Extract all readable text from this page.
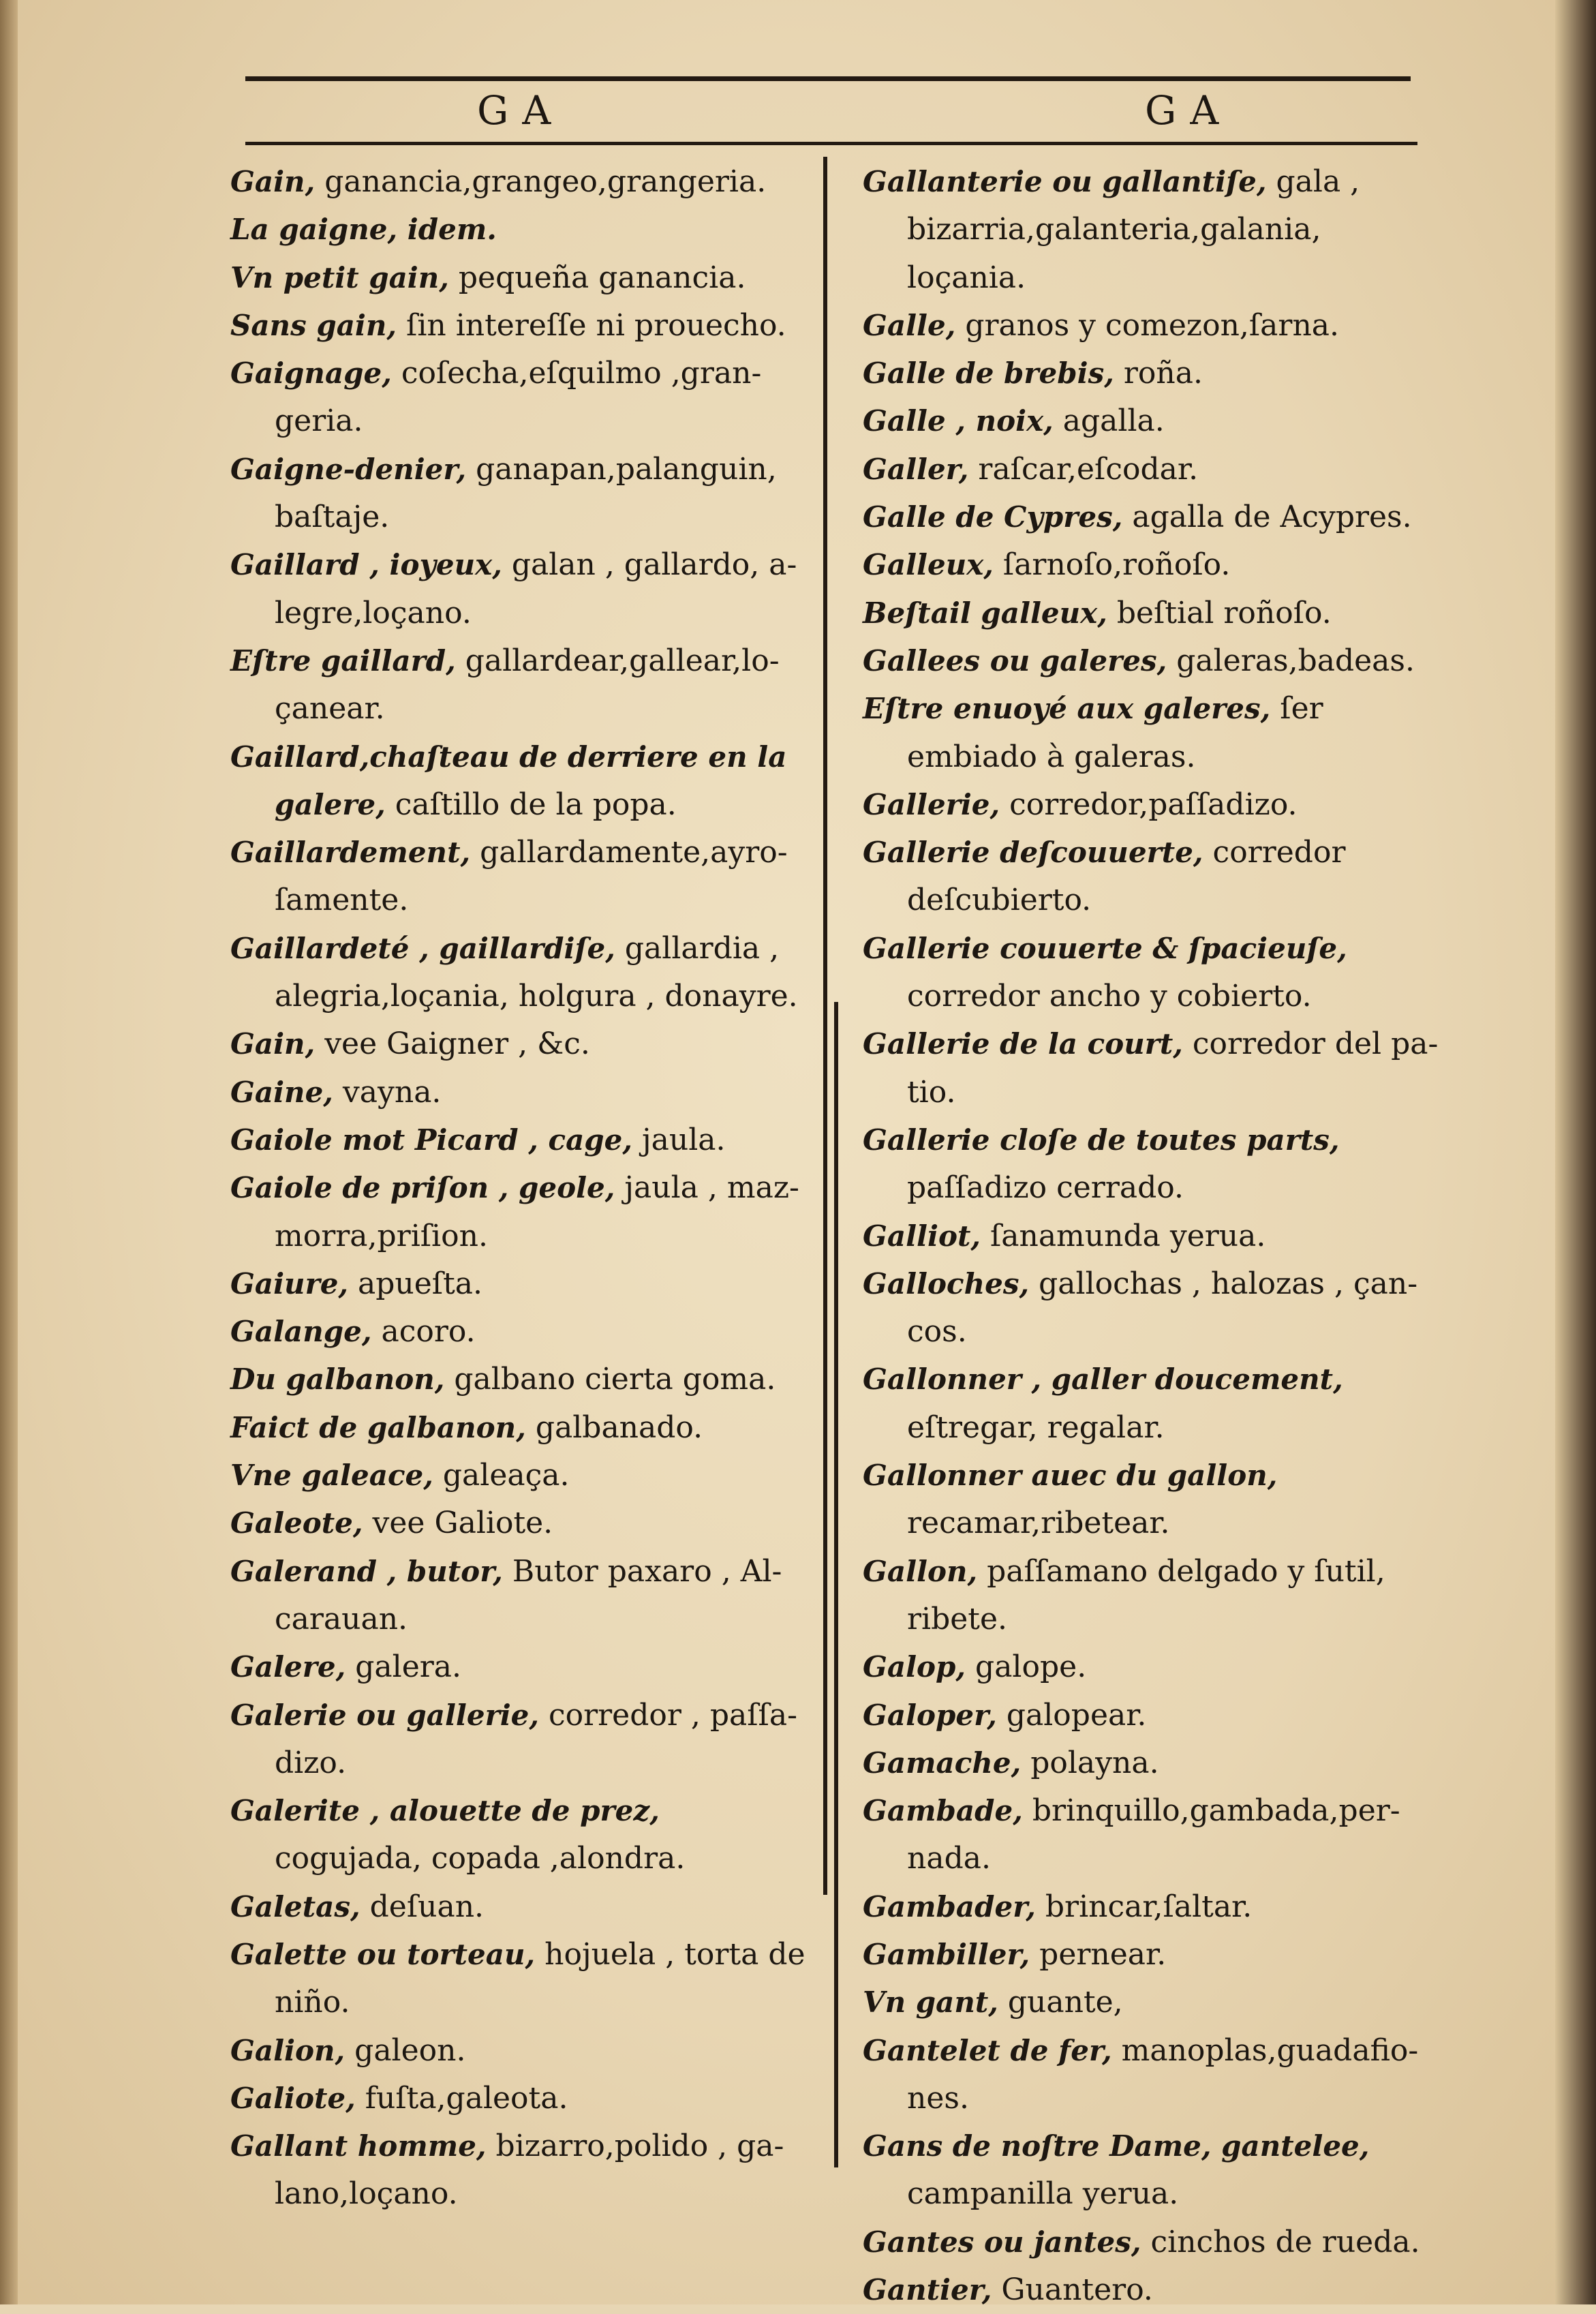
GA	GA

Gain, ganancia,grangeo,grangeria.

La gaigne, idem.

Vn petit gain, pequeña ganancia.

Sans gain, ſin intereſſe ni prouecho.

Gaignage, coſecha,eſquilmo ,grangeria.

Gaigne-denier, ganapan,palanguin, baſtaje.

Gaillard , ioyeux, galan , gallardo, alegre,loçano.

Eſtre gaillard, gallardear,gallear,loçanear.

Gaillard,chaſteau de derriere en la galere, caſtillo de la popa.

Gaillardement, gallardamente,ayroſamente.

Gaillardeté , gaillardiſe, gallardia , alegria,loçania, holgura , donayre.

Gain, vee Gaigner , &c.

Gaine, vayna.

Gaiole mot Picard , cage, jaula.

Gaiole de priſon , geole, jaula , mazmorra,priſion.

Gaiure, apueſta.

Galange, acoro.

Du galbanon, galbano cierta goma.

Faict de galbanon, galbanado.

Vne galeace, galeaça.

Galeote, vee Galiote.

Galerand , butor, Butor paxaro , Alcarauan.

Galere, galera.

Galerie ou gallerie, corredor , paſſadizo.

Galerite , alouette de prez, cogujada, copada ,alondra.

Galetas, deſuan.

Galette ou torteau, hojuela , torta de niño.

Galion, galeon.

Galiote, fuſta,galeota.

Gallant homme, bizarro,polido , galano,loçano.

Gallanterie ou gallantiſe, gala , bizarria,galanteria,galania, loçania.

Galle, granos y comezon,ſarna.

Galle de brebis, roña.

Galle , noix, agalla.

Galler, raſcar,eſcodar.

Galle de Cypres, agalla de Acypres.

Galleux, ſarnoſo,roñoſo.

Beſtail galleux, beſtial roñoſo.

Gallees ou galeres, galeras,badeas.

Eſtre enuoyé aux galeres, ſer embiado à galeras.

Gallerie, corredor,paſſadizo.

Gallerie deſcouuerte, corredor deſcubierto.

Gallerie couuerte & ſpacieuſe, corredor ancho y cobierto.

Gallerie de la court, corredor del patio.

Gallerie cloſe de toutes parts, paſſadizo cerrado.

Galliot, ſanamunda yerua.

Galloches, gallochas , halozas , çancos.

Gallonner , galler doucement, eſtregar, regalar.

Gallonner auec du gallon, recamar,ribetear.

Gallon, paſſamano delgado y ſutil, ribete.

Galop, galope.

Galoper, galopear.

Gamache, polayna.

Gambade, brinquillo,gambada,pernada.

Gambader, brincar,ſaltar.

Gambiller, pernear.

Vn gant, guante,

Gantelet de fer, manoplas,guadafiones.

Gans de noſtre Dame, gantelee, campanilla yerua.

Gantes ou jantes, cinchos de rueda.

Gantier, Guantero.
